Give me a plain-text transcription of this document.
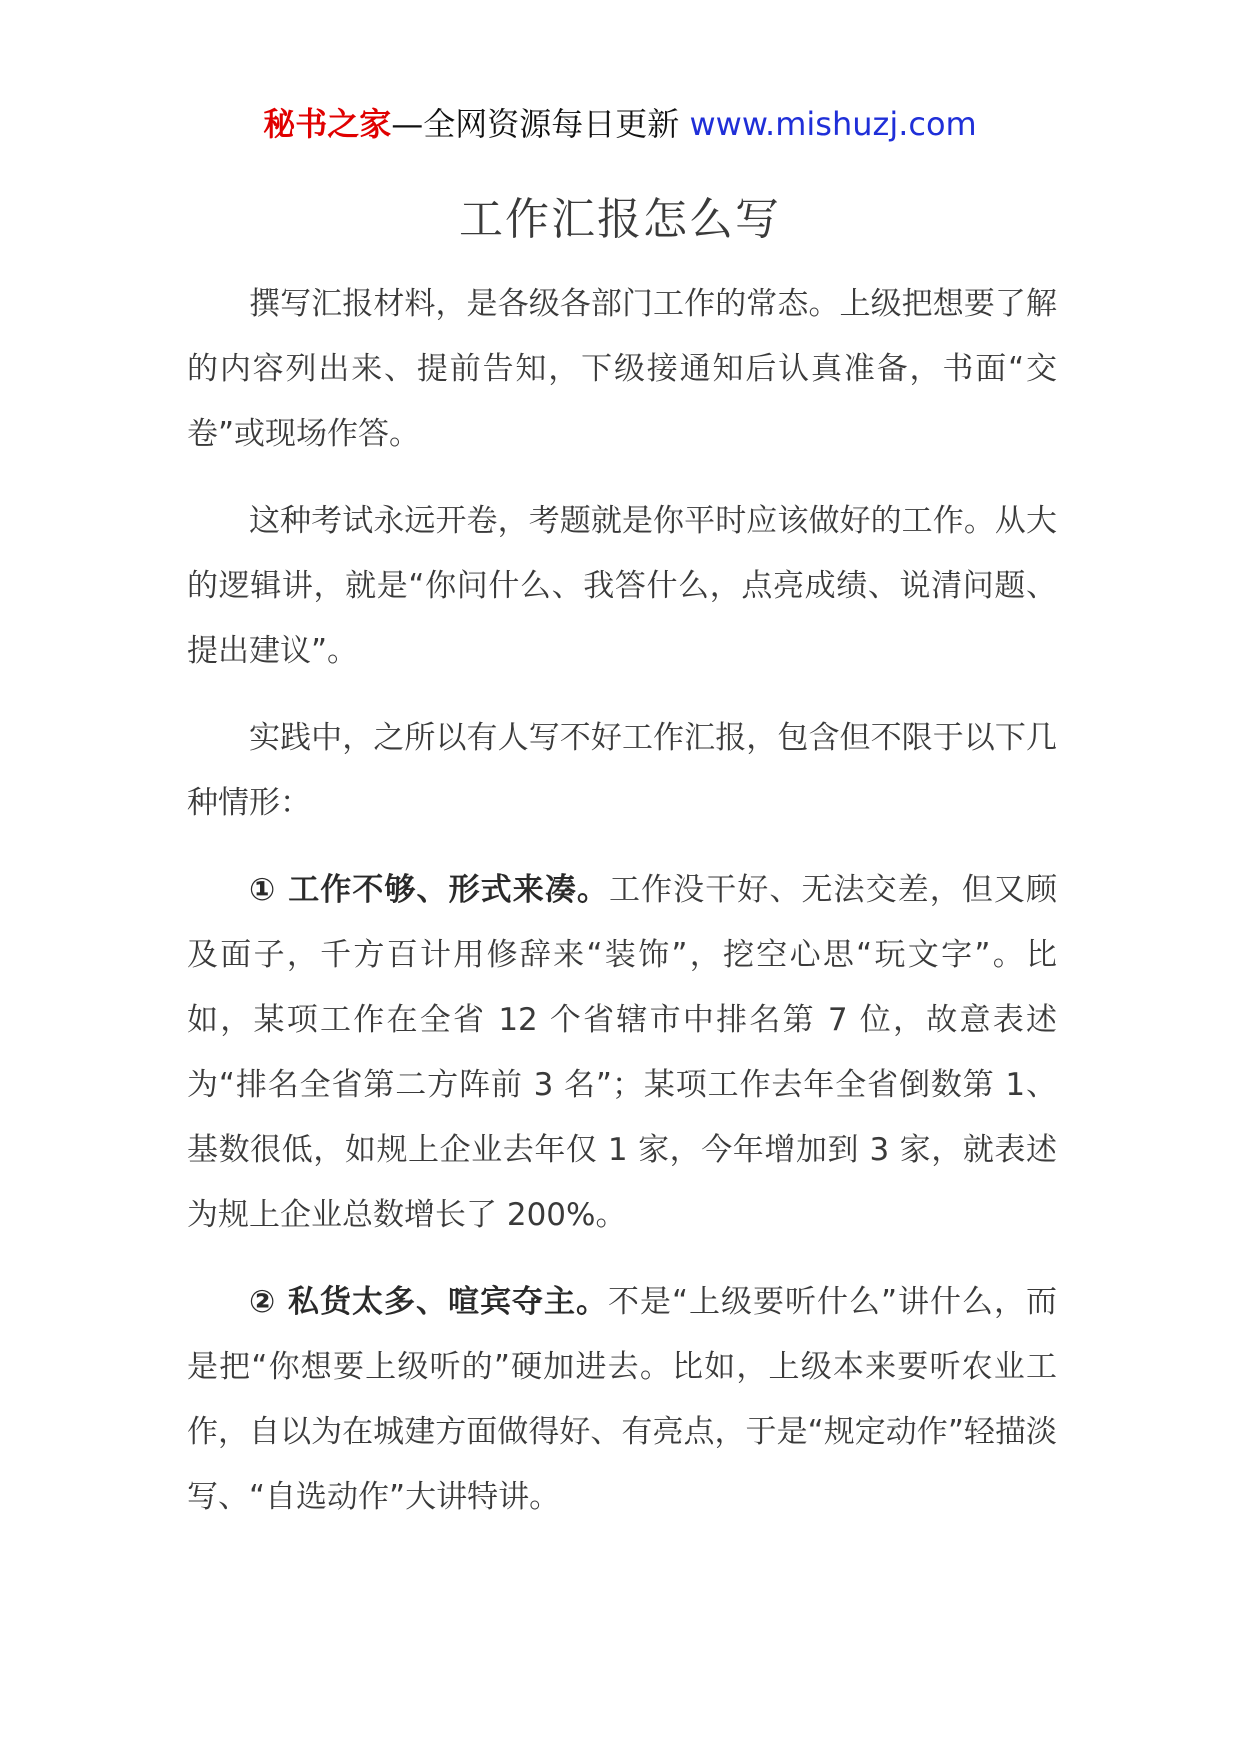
秘书之家—全网资源每日更新 www.mishuzj.com
工作汇报怎么写

撰写汇报材料，是各级各部门工作的常态。上级把想要了解的内容列出来、提前告知，下级接通知后认真准备，书面“交卷”或现场作答。

这种考试永远开卷，考题就是你平时应该做好的工作。从大的逻辑讲，就是“你问什么、我答什么，点亮成绩、说清问题、提出建议”。

实践中，之所以有人写不好工作汇报，包含但不限于以下几种情形：

① 工作不够、形式来凑。工作没干好、无法交差，但又顾及面子，千方百计用修辞来“装饰”，挖空心思“玩文字”。比如，某项工作在全省 12 个省辖市中排名第 7 位，故意表述为“排名全省第二方阵前 3 名”；某项工作去年全省倒数第 1、基数很低，如规上企业去年仅 1 家，今年增加到 3 家，就表述为规上企业总数增长了 200%。

② 私货太多、喧宾夺主。不是“上级要听什么”讲什么，而是把“你想要上级听的”硬加进去。比如，上级本来要听农业工作，自以为在城建方面做得好、有亮点，于是“规定动作”轻描淡写、“自选动作”大讲特讲。
